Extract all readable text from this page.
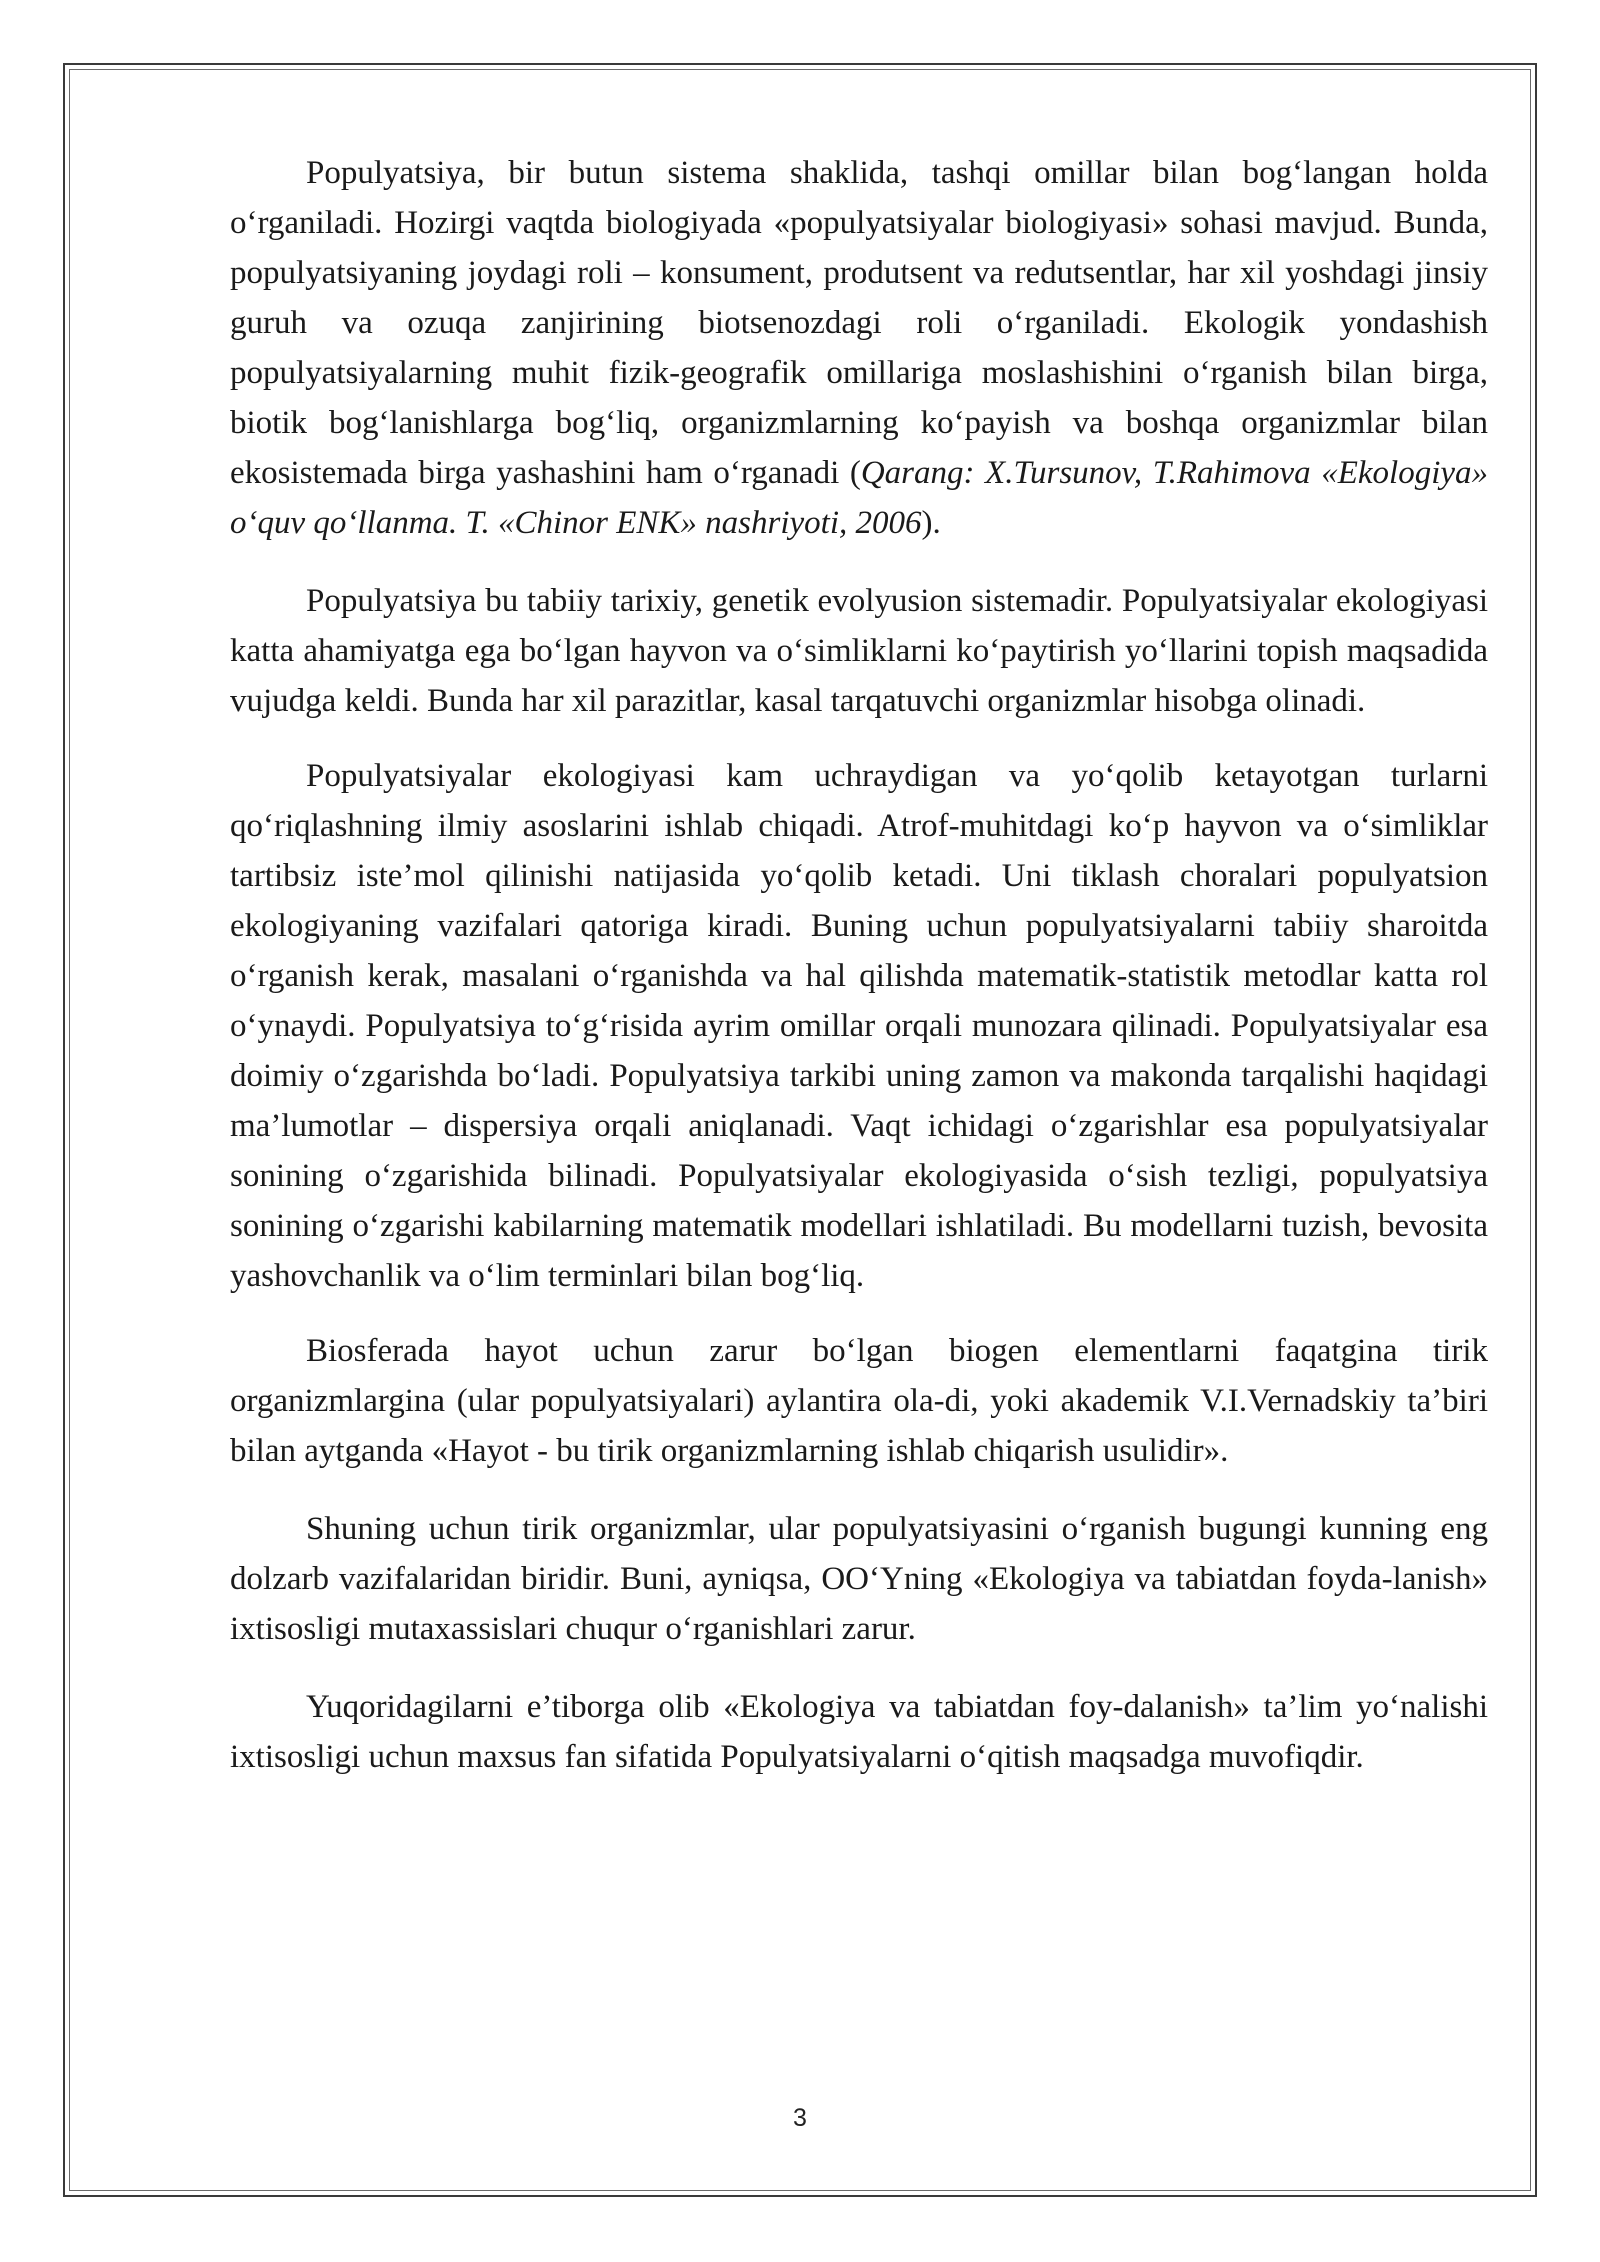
Populyatsiya, bir butun sistema shaklida, tashqi omillar bilan bog‘langan holda o‘rganiladi. Hozirgi vaqtda biologiyada «populyatsiyalar biologiyasi» sohasi mavjud. Bunda, populyatsiyaning joydagi roli – konsument, produtsent va redutsentlar, har xil yoshdagi jinsiy guruh va ozuqa zanjirining biotsenozdagi roli o‘rganiladi. Ekologik yondashish populyatsiyalarning muhit fizik-geografik omillariga moslashishini o‘rganish bilan birga, biotik bog‘lanishlarga bog‘liq, organizmlarning ko‘payish va boshqa organizmlar bilan ekosistemada birga yashashini ham o‘rganadi (Qarang: X.Tursunov, T.Rahimova «Ekologiya» o‘quv qo‘llanma. T. «Chinor ENK» nashriyoti, 2006).

Populyatsiya bu tabiiy tarixiy, genetik evolyusion sistemadir. Populyatsiyalar ekologiyasi katta ahamiyatga ega bo‘lgan hayvon va o‘simliklarni ko‘paytirish yo‘llarini topish maqsadida vujudga keldi. Bunda har xil parazitlar, kasal tarqatuvchi organizmlar hisobga olinadi.

Populyatsiyalar ekologiyasi kam uchraydigan va yo‘qolib ketayotgan turlarni qo‘riqlashning ilmiy asoslarini ishlab chiqadi. Atrof-muhitdagi ko‘p hayvon va o‘simliklar tartibsiz iste’mol qilinishi natijasida yo‘qolib ketadi. Uni tiklash choralari populyatsion ekologiyaning vazifalari qatoriga kiradi. Buning uchun populyatsiyalarni tabiiy sharoitda o‘rganish kerak, masalani o‘rganishda va hal qilishda matematik-statistik metodlar katta rol o‘ynaydi. Populyatsiya to‘g‘risida ayrim omillar orqali munozara qilinadi. Populyatsiyalar esa doimiy o‘zgarishda bo‘ladi. Populyatsiya tarkibi uning zamon va makonda tarqalishi haqidagi ma’lumotlar – dispersiya orqali aniqlanadi. Vaqt ichidagi o‘zgarishlar esa populyatsiyalar sonining o‘zgarishida bilinadi. Populyatsiyalar ekologiyasida o‘sish tezligi, populyatsiya sonining o‘zgarishi kabilarning matematik modellari ishlatiladi. Bu modellarni tuzish, bevosita yashovchanlik va o‘lim terminlari bilan bog‘liq.

Biosferada hayot uchun zarur bo‘lgan biogen elementlarni faqatgina tirik organizmlargina (ular populyatsiyalari) aylantira ola-di, yoki akademik V.I.Vernadskiy ta’biri bilan aytganda «Hayot - bu tirik organizmlarning ishlab chiqarish usulidir».

Shuning uchun tirik organizmlar, ular populyatsiyasini o‘rganish bugungi kunning eng dolzarb vazifalaridan biridir. Buni, ayniqsa, OO‘Yning «Ekologiya va tabiatdan foyda-lanish» ixtisosligi mutaxassislari chuqur o‘rganishlari zarur.

Yuqoridagilarni e’tiborga olib «Ekologiya va tabiatdan foy-dalanish» ta’lim yo‘nalishi ixtisosligi uchun maxsus fan sifatida Populyatsiyalarni o‘qitish maqsadga muvofiqdir.

3
